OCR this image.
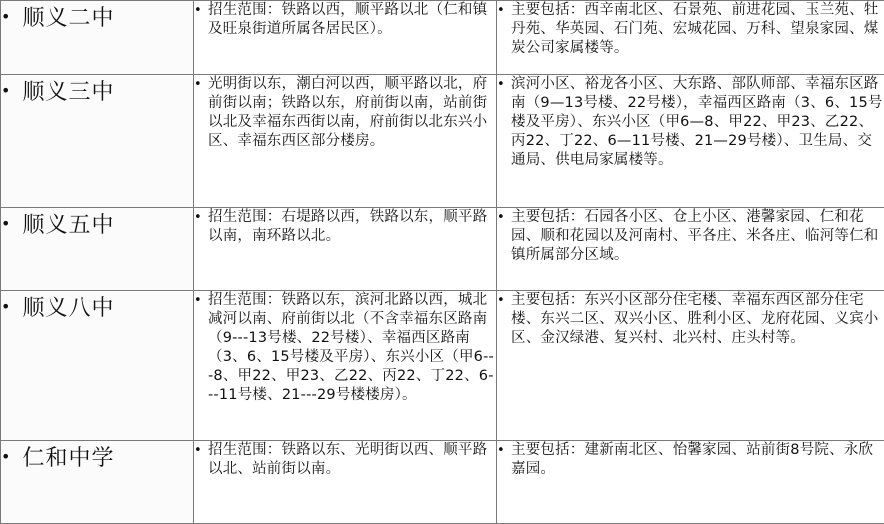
• 顺义二中	• 招生范围：铁路以西，顺平路以北（仁和镇及旺泉街道所属各居民区）。	• 主要包括：西辛南北区、石景苑、前进花园、玉兰苑、牡丹苑、华英园、石门苑、宏城花园、万科、望泉家园、煤炭公司家属楼等。

• 顺义三中	• 光明街以东，潮白河以西，顺平路以北，府前街以南；铁路以东，府前街以南，站前街以北及幸福东西街以南，府前街以北东兴小区、幸福东西区部分楼房。	• 滨河小区、裕龙各小区、大东路、部队师部、幸福东区路南（9—13号楼、22号楼），幸福西区路南（3、6、15号楼及平房）、东兴小区（甲6—8、甲22、甲23、乙22、丙22、丁22、6—11号楼、21—29号楼）、卫生局、交通局、供电局家属楼等。

• 顺义五中	• 招生范围：右堤路以西，铁路以东，顺平路以南，南环路以北。	• 主要包括：石园各小区、仓上小区、港馨家园、仁和花园、顺和花园以及河南村、平各庄、米各庄、临河等仁和镇所属部分区域。

• 顺义八中	• 招生范围：铁路以东，滨河北路以西，城北减河以南、府前街以北（不含幸福东区路南（9---13号楼、22号楼）、幸福西区路南（3、6、15号楼及平房）、东兴小区（甲6---8、甲22、甲23、乙22、丙22、丁22、6---11号楼、21---29号楼楼房）。	• 主要包括：东兴小区部分住宅楼、幸福东西区部分住宅楼、东兴二区、双兴小区、胜利小区、龙府花园、义宾小区、金汉绿港、复兴村、北兴村、庄头村等。

• 仁和中学	• 招生范围：铁路以东、光明街以西、顺平路以北、站前街以南。	• 主要包括：建新南北区、怡馨家园、站前街8号院、永欣嘉园。
